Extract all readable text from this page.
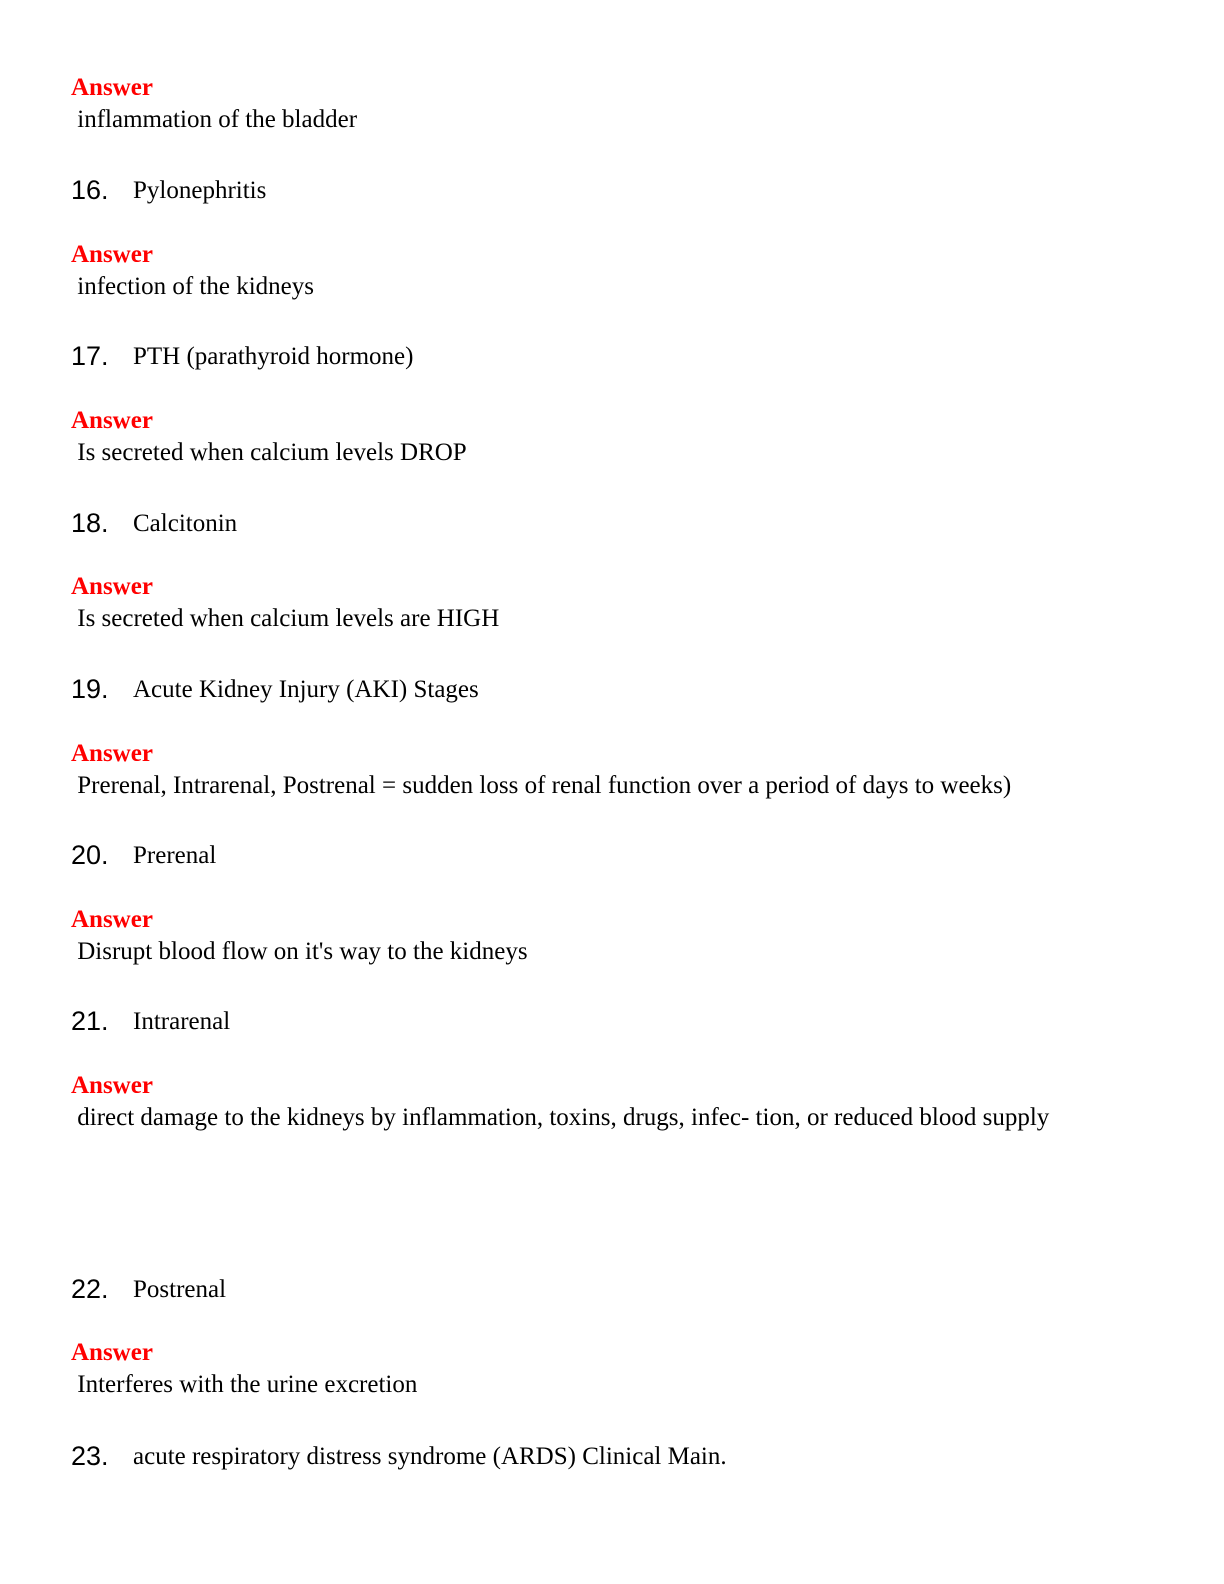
Answer
inflammation of the bladder
16. Pylonephritis
Answer
infection of the kidneys
17. PTH (parathyroid hormone)
Answer
Is secreted when calcium levels DROP
18. Calcitonin
Answer
Is secreted when calcium levels are HIGH
19. Acute Kidney Injury (AKI) Stages
Answer
Prerenal, Intrarenal, Postrenal = sudden loss of renal function over a period of days to weeks)
20. Prerenal
Answer
Disrupt blood flow on it's way to the kidneys
21. Intrarenal
Answer
direct damage to the kidneys by inflammation, toxins, drugs, infec- tion, or reduced blood supply
22. Postrenal
Answer
Interferes with the urine excretion
23. acute respiratory distress syndrome (ARDS) Clinical Main.
